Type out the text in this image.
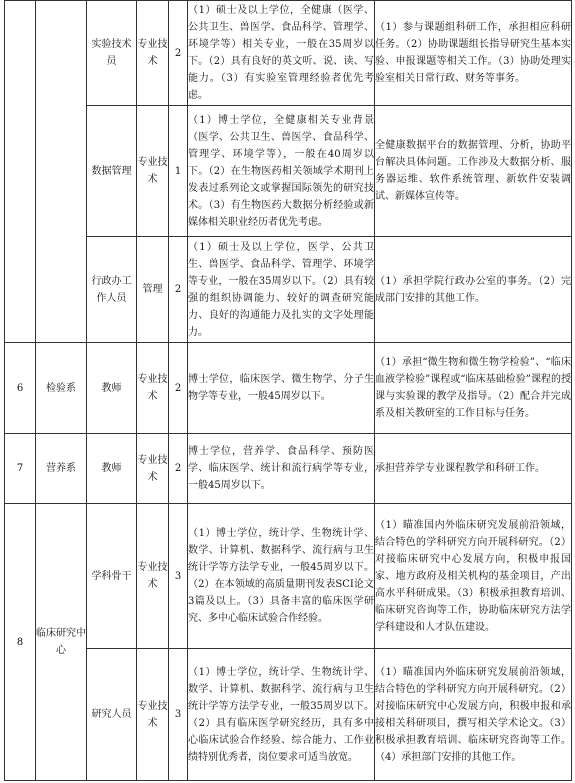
		实验技术员	专业技术	2	（1）硕士及以上学位，全健康（医学、公共卫生、兽医学、食品科学、管理学、环境学等）相关专业，一般在35周岁以下。（2）具有良好的英文听、说、读、写能力。（3）有实验室管理经验者优先考虑。	（1）参与课题组科研工作，承担相应科研任务。（2）协助课题组长指导研究生基本实验、申报课题等相关工作。（3）协助处理实验室相关日常行政、财务等事务。
		数据管理	专业技术	1	（1）博士学位，全健康相关专业背景（医学、公共卫生、兽医学、食品科学、管理学、环境学等），一般在40周岁以下。（2）在生物医药相关领域学术期刊上发表过系列论文或掌握国际领先的研究技术。（3）有生物医药大数据分析经验或新媒体相关职业经历者优先考虑。	全健康数据平台的数据管理、分析，协助平台解决具体问题。工作涉及大数据分析、服务器运维、软件系统管理、新软件安装调试、新媒体宣传等。
		行政办工作人员	管理	2	（1）硕士及以上学位，医学、公共卫生、兽医学、食品科学、管理学、环境学等专业，一般在35周岁以下。（2）具有较强的组织协调能力、较好的调查研究能力、良好的沟通能力及扎实的文字处理能力。	（1）承担学院行政办公室的事务。（2）完成部门安排的其他工作。
6	检验系	教师	专业技术	2	博士学位，临床医学、微生物学、分子生物学等专业，一般45周岁以下。	（1）承担“微生物和微生物学检验”、“临床血液学检验”课程或“临床基础检验”课程的授课与实验课的教学及指导。（2）配合并完成系及相关教研室的工作目标与任务。
7	营养系	教师	专业技术	2	博士学位，营养学、食品科学、预防医学、临床医学、统计和流行病学等专业，一般45周岁以下。	承担营养学专业课程教学和科研工作。
8	临床研究中心	学科骨干	专业技术	3	（1）博士学位，统计学、生物统计学、数学、计算机、数据科学、流行病与卫生统计学等方法学专业，一般45周岁以下。（2）在本领域的高质量期刊发表SCI论文3篇及以上。（3）具备丰富的临床医学研究、多中心临床试验合作经验。	（1）瞄准国内外临床研究发展前沿领域，结合特色的学科研究方向开展科研究。（2）对接临床研究中心发展方向，积极申报国家、地方政府及相关机构的基金项目，产出高水平科研成果。（3）积极承担教育培训、临床研究咨询等工作，协助临床研究方法学学科建设和人才队伍建设。
		研究人员	专业技术	3	（1）博士学位，统计学、生物统计学、数学、计算机、数据科学、流行病与卫生统计学等方法学专业，一般35周岁以下。（2）具有临床医学研究经历，具有多中心临床试验合作经验、综合能力、工作业绩特别优秀者，岗位要求可适当放宽。	（1）瞄准国内外临床研究发展前沿领域，结合特色的学科研究方向开展科研究。（2）对接临床研究中心发展方向，积极申报和承接相关科研项目，撰写相关学术论文。（3）积极承担教育培训、临床研究咨询等工作。（4）承担部门安排的其他工作。
